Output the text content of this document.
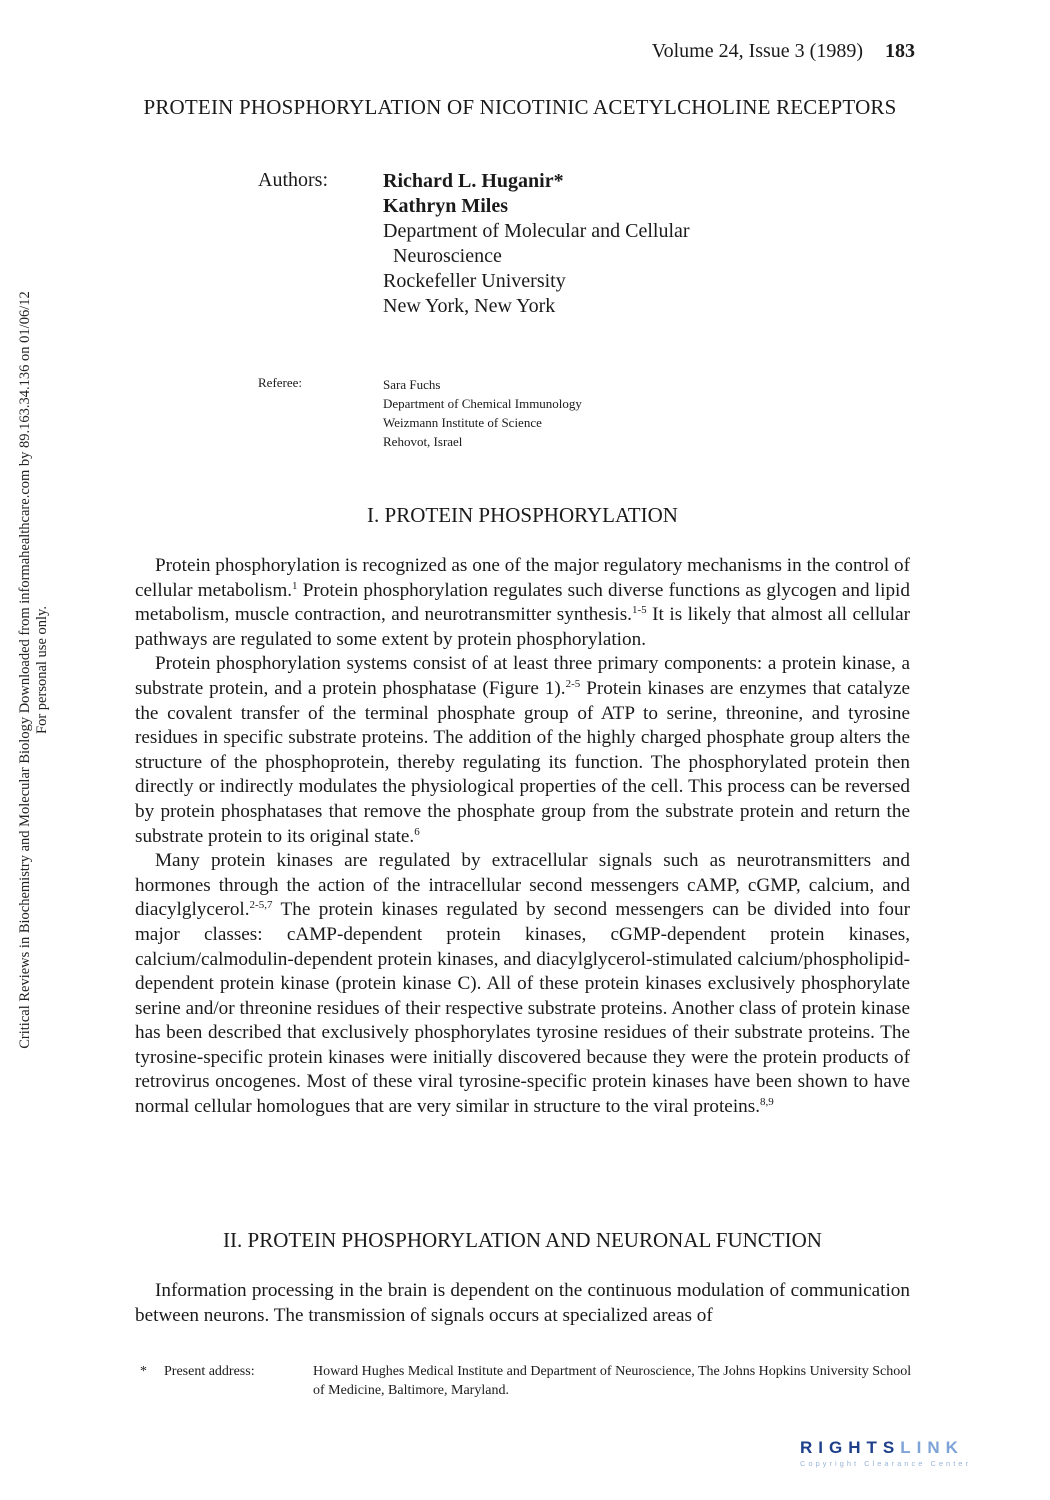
Volume 24, Issue 3 (1989) 183
PROTEIN PHOSPHORYLATION OF NICOTINIC ACETYLCHOLINE RECEPTORS
Authors:	Richard L. Huganir*
Kathryn Miles
Department of Molecular and Cellular
Neuroscience
Rockefeller University
New York, New York
Referee:	Sara Fuchs
Department of Chemical Immunology
Weizmann Institute of Science
Rehovot, Israel
I. PROTEIN PHOSPHORYLATION

Protein phosphorylation is recognized as one of the major regulatory mechanisms in the control of cellular metabolism.$^1$ Protein phosphorylation regulates such diverse functions as glycogen and lipid metabolism, muscle contraction, and neurotransmitter synthesis.$^{1-5}$ It is likely that almost all cellular pathways are regulated to some extent by protein phosphorylation.

Protein phosphorylation systems consist of at least three primary components: a protein kinase, a substrate protein, and a protein phosphatase (Figure 1).$^{2-5}$ Protein kinases are enzymes that catalyze the covalent transfer of the terminal phosphate group of ATP to serine, threonine, and tyrosine residues in specific substrate proteins. The addition of the highly charged phosphate group alters the structure of the phosphoprotein, thereby regulating its function. The phosphorylated protein then directly or indirectly modulates the physiological properties of the cell. This process can be reversed by protein phosphatases that remove the phosphate group from the substrate protein and return the substrate protein to its original state.$^6$

Many protein kinases are regulated by extracellular signals such as neurotransmitters and hormones through the action of the intracellular second messengers cAMP, cGMP, calcium, and diacylglycerol.$^{2-5,7}$ The protein kinases regulated by second messengers can be divided into four major classes: cAMP-dependent protein kinases, cGMP-dependent protein kinases, calcium/calmodulin-dependent protein kinases, and diacylglycerol-stimulated calcium/phospholipid-dependent protein kinase (protein kinase C). All of these protein kinases exclusively phosphorylate serine and/or threonine residues of their respective substrate proteins. Another class of protein kinase has been described that exclusively phosphorylates tyrosine residues of their substrate proteins. The tyrosine-specific protein kinases were initially discovered because they were the protein products of retrovirus oncogenes. Most of these viral tyrosine-specific protein kinases have been shown to have normal cellular homologues that are very similar in structure to the viral proteins.$^{8,9}$

II. PROTEIN PHOSPHORYLATION AND NEURONAL FUNCTION

Information processing in the brain is dependent on the continuous modulation of communication between neurons. The transmission of signals occurs at specialized areas of

* Present address:	Howard Hughes Medical Institute and Department of Neuroscience, The Johns Hopkins University School of Medicine, Baltimore, Maryland.
Critical Reviews in Biochemistry and Molecular Biology Downloaded from informahealthcare.com by 89.163.34.136 on 01/06/12 For personal use only.
RIGHTSLINK
Copyright Clearance Center
